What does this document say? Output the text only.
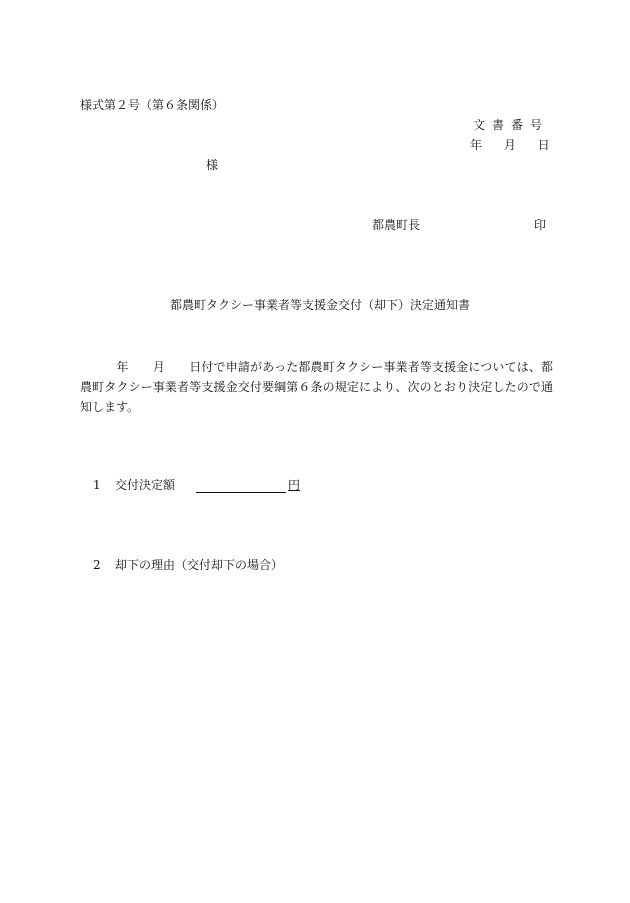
様式第２号（第６条関係）
文書番号
年 月 日
様
都農町長	印
都農町タクシー事業者等支援金交付（却下）決定通知書
　　　年　　月　　日付で申請があった都農町タクシー事業者等支援金については、都農町タクシー事業者等支援金交付要綱第６条の規定により、次のとおり決定したので通知します。
1 交付決定額	円
2 却下の理由（交付却下の場合）
